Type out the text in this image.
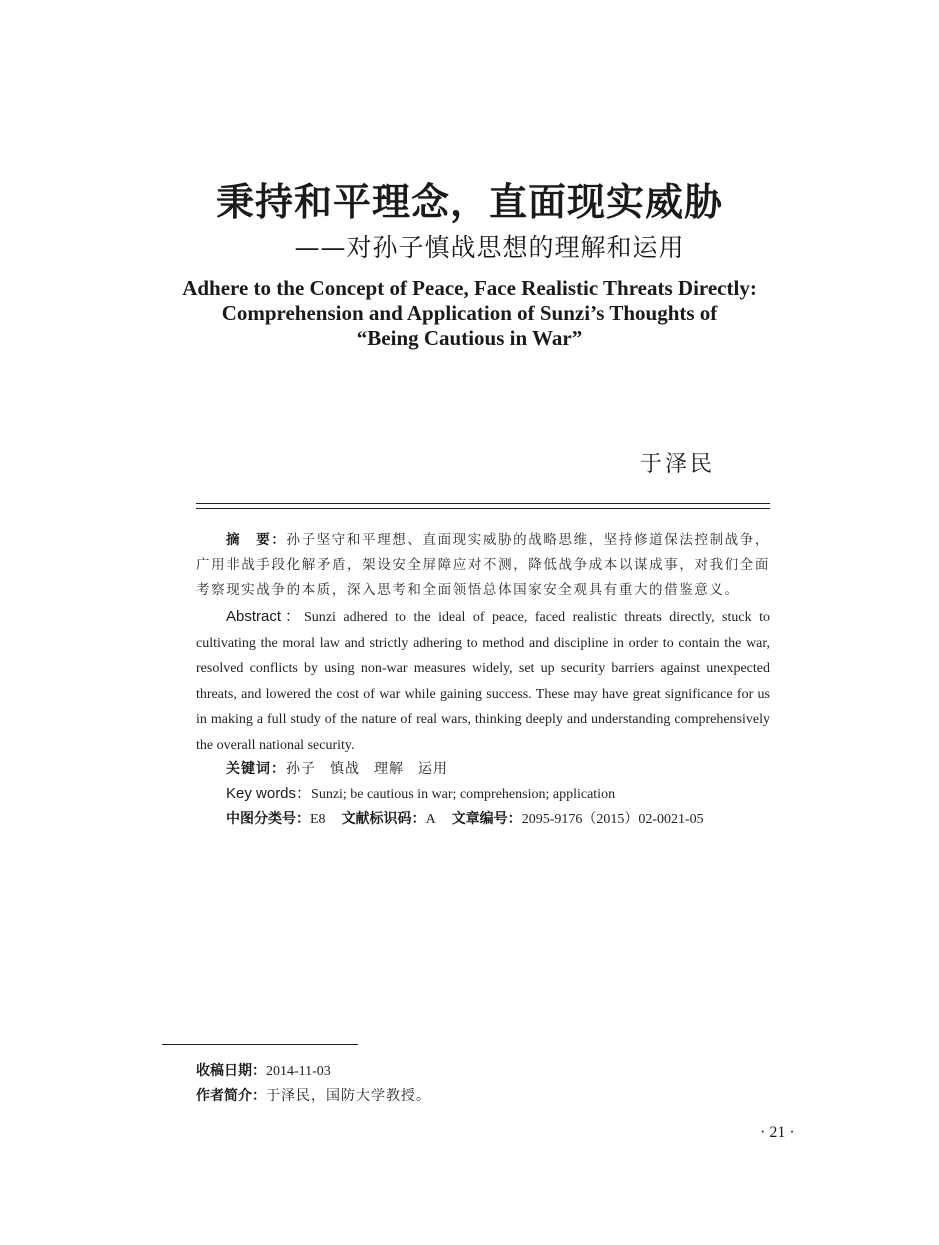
秉持和平理念，直面现实威胁
——对孙子慎战思想的理解和运用
Adhere to the Concept of Peace, Face Realistic Threats Directly:
Comprehension and Application of Sunzi’s Thoughts of
“Being Cautious in War”
于泽民
摘　要：孙子坚守和平理想、直面现实威胁的战略思维，坚持修道保法控制战争，广用非战手段化解矛盾，架设安全屏障应对不测，降低战争成本以谋成事，对我们全面考察现实战争的本质，深入思考和全面领悟总体国家安全观具有重大的借鉴意义。
Abstract：Sunzi adhered to the ideal of peace, faced realistic threats directly, stuck to cultivating the moral law and strictly adhering to method and discipline in order to contain the war, resolved conflicts by using non-war measures widely, set up security barriers against unexpected threats, and lowered the cost of war while gaining success. These may have great significance for us in making a full study of the nature of real wars, thinking deeply and understanding comprehensively the overall national security.
关键词：孙子 慎战 理解 运用
Key words：Sunzi; be cautious in war; comprehension; application
中图分类号：E8 文献标识码：A 文章编号：2095-9176（2015）02-0021-05
收稿日期：2014-11-03
作者简介：于泽民，国防大学教授。
· 21 ·
